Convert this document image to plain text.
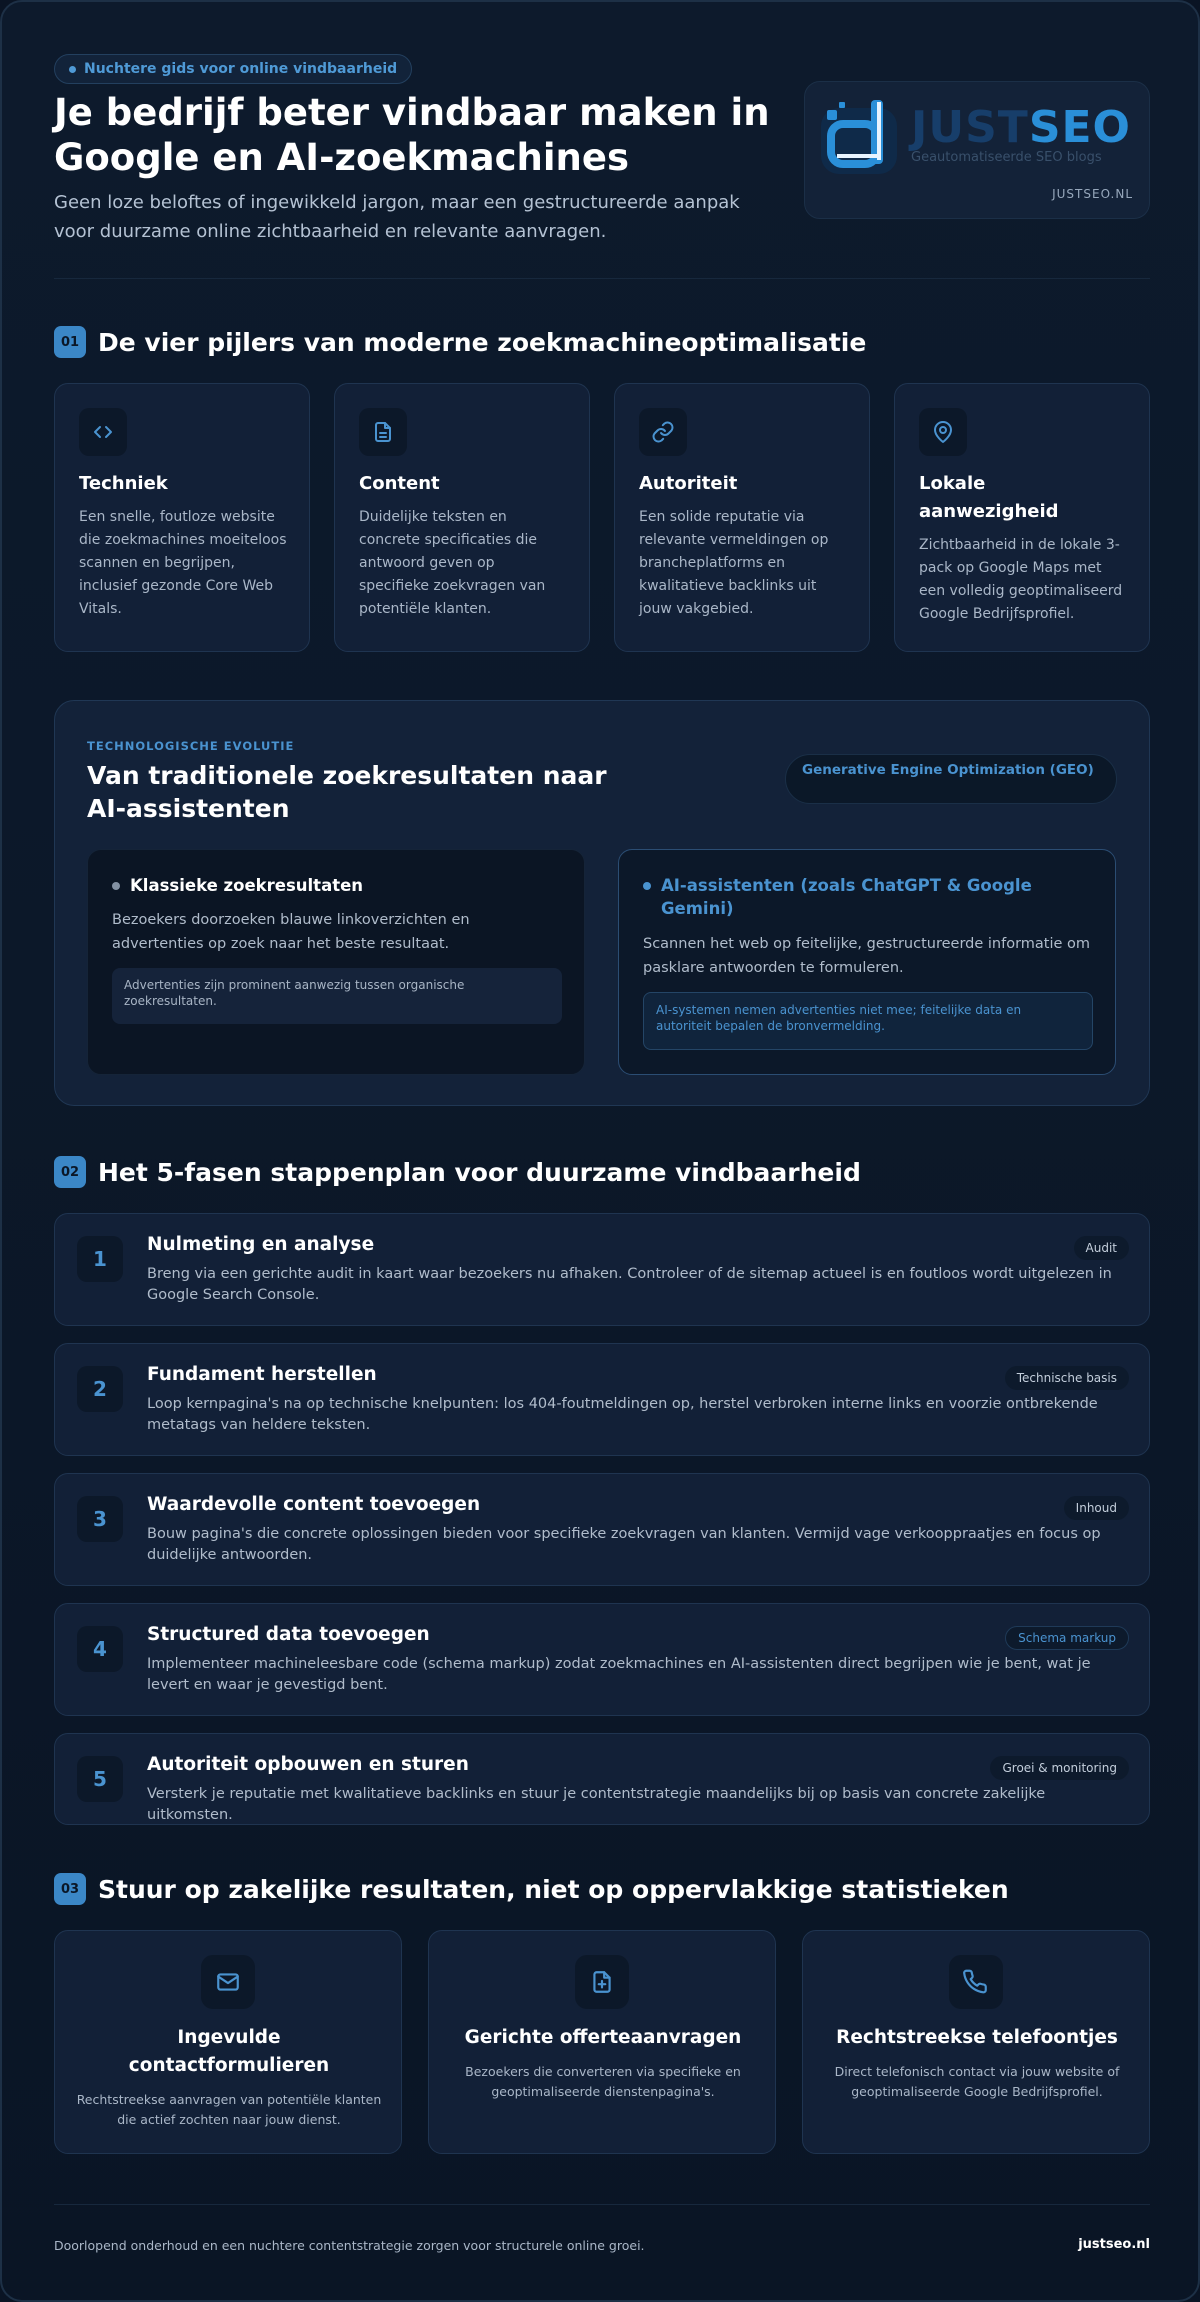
Nuchtere gids voor online vindbaarheid
Je bedrijf beter vindbaar maken in Google en AI-zoekmachines

Geen loze beloftes of ingewikkeld jargon, maar een gestructureerde aanpak voor duurzame online zichtbaarheid en relevante aanvragen.

JUSTSEO
Geautomatiseerde SEO blogs
JUSTSEO.NL
01 De vier pijlers van moderne zoekmachineoptimalisatie
Techniek

Een snelle, foutloze website die zoekmachines moeiteloos scannen en begrijpen, inclusief gezonde Core Web Vitals.

Content

Duidelijke teksten en concrete specificaties die antwoord geven op specifieke zoekvragen van potentiële klanten.

Autoriteit

Een solide reputatie via relevante vermeldingen op brancheplatforms en kwalitatieve backlinks uit jouw vakgebied.

Lokale aanwezigheid

Zichtbaarheid in de lokale 3-pack op Google Maps met een volledig geoptimaliseerd Google Bedrijfsprofiel.

TECHNOLOGISCHE EVOLUTIE
Van traditionele zoekresultaten naar AI-assistenten
Generative Engine Optimization (GEO)
Klassieke zoekresultaten

Bezoekers doorzoeken blauwe linkoverzichten en advertenties op zoek naar het beste resultaat.

Advertenties zijn prominent aanwezig tussen organische zoekresultaten.
AI-assistenten (zoals ChatGPT & Google Gemini)

Scannen het web op feitelijke, gestructureerde informatie om pasklare antwoorden te formuleren.

AI-systemen nemen advertenties niet mee; feitelijke data en autoriteit bepalen de bronvermelding.
02 Het 5-fasen stappenplan voor duurzame vindbaarheid
1
Nulmeting en analyse

Breng via een gerichte audit in kaart waar bezoekers nu afhaken. Controleer of de sitemap actueel is en foutloos wordt uitgelezen in Google Search Console.

Audit
2
Fundament herstellen

Loop kernpagina's na op technische knelpunten: los 404-foutmeldingen op, herstel verbroken interne links en voorzie ontbrekende metatags van heldere teksten.

Technische basis
3
Waardevolle content toevoegen

Bouw pagina's die concrete oplossingen bieden voor specifieke zoekvragen van klanten. Vermijd vage verkooppraatjes en focus op duidelijke antwoorden.

Inhoud
4
Structured data toevoegen

Implementeer machineleesbare code (schema markup) zodat zoekmachines en AI-assistenten direct begrijpen wie je bent, wat je levert en waar je gevestigd bent.

Schema markup
5
Autoriteit opbouwen en sturen

Versterk je reputatie met kwalitatieve backlinks en stuur je contentstrategie maandelijks bij op basis van concrete zakelijke uitkomsten.

Groei & monitoring
03 Stuur op zakelijke resultaten, niet op oppervlakkige statistieken
Ingevulde contactformulieren

Rechtstreekse aanvragen van potentiële klanten die actief zochten naar jouw dienst.

Gerichte offerteaanvragen

Bezoekers die converteren via specifieke en geoptimaliseerde dienstenpagina's.

Rechtstreekse telefoontjes

Direct telefonisch contact via jouw website of geoptimaliseerde Google Bedrijfsprofiel.

Doorlopend onderhoud en een nuchtere contentstrategie zorgen voor structurele online groei.	justseo.nl
